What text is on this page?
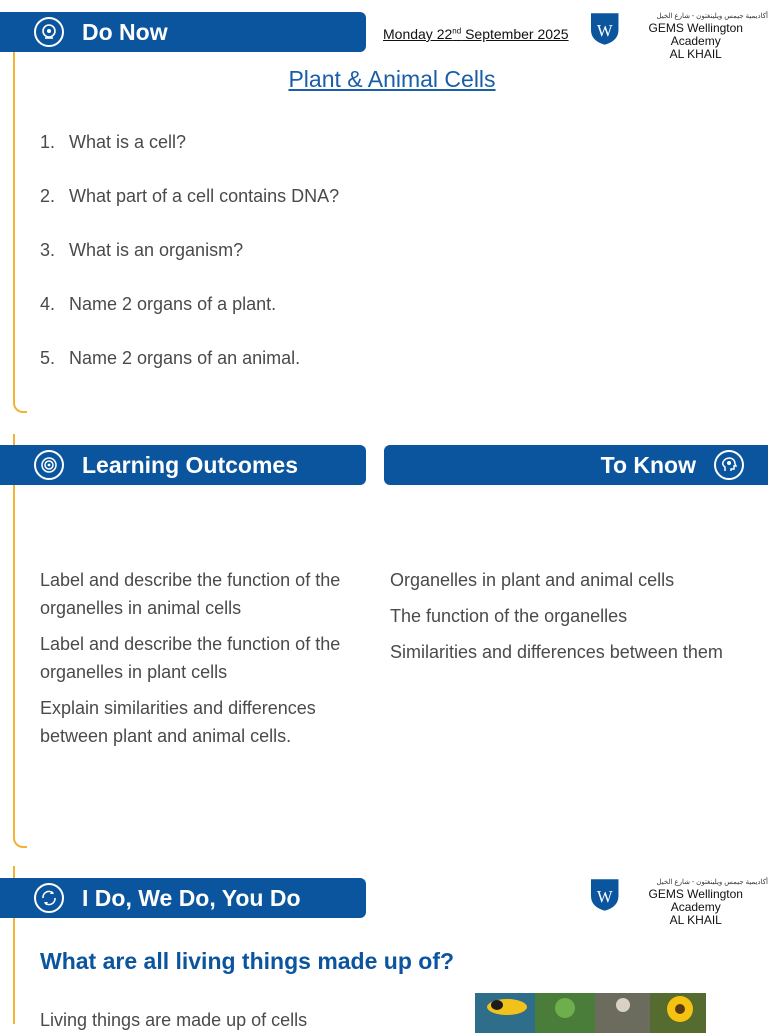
Do Now	Monday 22nd September 2025 W
أكاديمية جيمس ويلينغتون - شارع الخيل
GEMS Wellington Academy
AL KHAIL
Plant & Animal Cells
1. What is a cell?
2. What part of a cell contains DNA?
3. What is an organism?
4. Name 2 organs of a plant.
5. Name 2 organs of an animal.
Learning Outcomes	To Know

Label and describe the function of the organelles in animal cells

Label and describe the function of the organelles in plant cells

Explain similarities and differences between plant and animal cells.

Organelles in plant and animal cells

The function of the organelles

Similarities and differences between them

I Do, We Do, You Do	W
أكاديمية جيمس ويلينغتون - شارع الخيل
GEMS Wellington Academy
AL KHAIL
What are all living things made up of?
Living things are made up of cells
